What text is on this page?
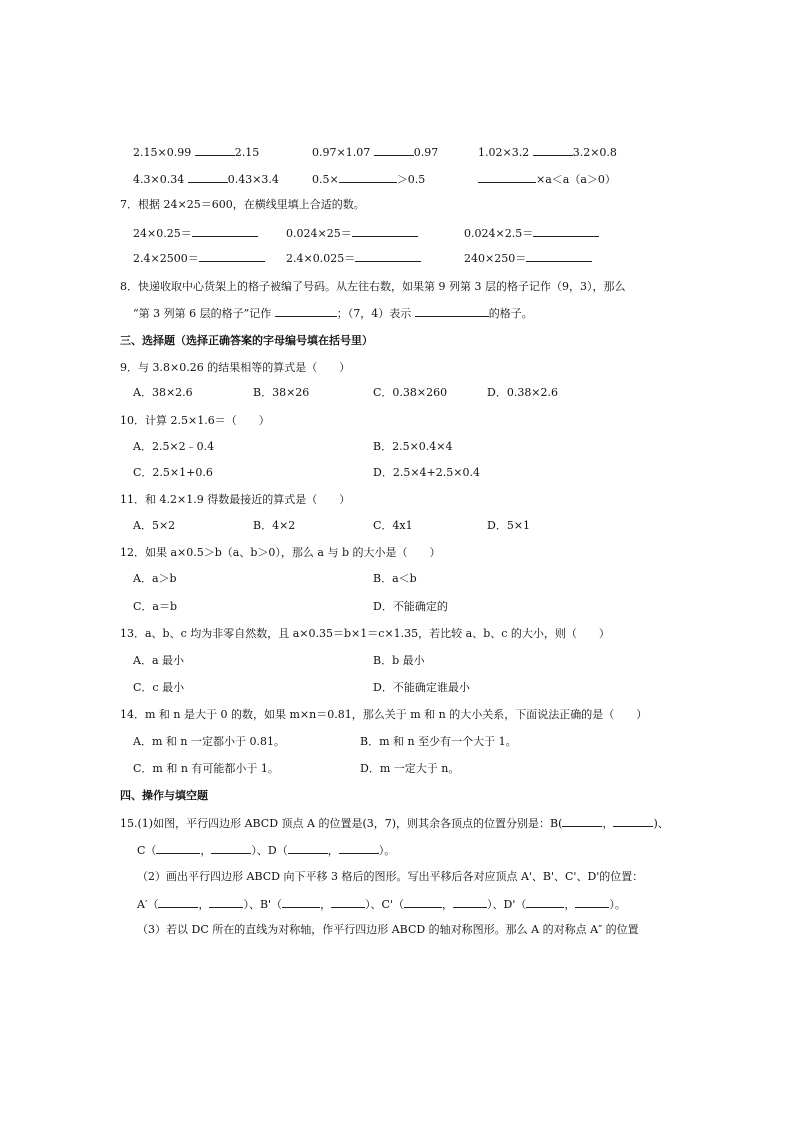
2.15×0.99	2.15	0.97×1.07	0.97	1.02×3.2	3.2×0.8
4.3×0.34	0.43×3.4	0.5×	＞0.5	×a＜a（a＞0）
7．根据 24×25＝600，在横线里填上合适的数。
24×0.25＝	0.024×25＝	0.024×2.5＝
2.4×2500＝	2.4×0.025＝	240×250＝
8．快递收取中心货架上的格子被编了号码。从左往右数，如果第 9 列第 3 层的格子记作（9，3），那么
“第 3 列第 6 层的格子”记作	；（7，4）表示	的格子。
三、选择题（选择正确答案的字母编号填在括号里）
9．与 3.8×0.26 的结果相等的算式是（　　）
A．38×2.6	B．38×26	C．0.38×260	D．0.38×2.6
10．计算 2.5×1.6＝（　　）
A．2.5×2﹣0.4	B．2.5×0.4×4
C．2.5×1+0.6	D．2.5×4+2.5×0.4
11．和 4.2×1.9 得数最接近的算式是（　　）
A．5×2	B．4×2	C．4x1	D．5×1
12．如果 a×0.5＞b（a、b＞0），那么 a 与 b 的大小是（　　）
A．a＞b	B．a＜b
C．a＝b	D．不能确定的
13．a、b、c 均为非零自然数，且 a×0.35＝b×1＝c×1.35，若比较 a、b、c 的大小，则（　　）
A．a 最小	B．b 最小
C．c 最小	D．不能确定谁最小
14．m 和 n 是大于 0 的数，如果 m×n＝0.81，那么关于 m 和 n 的大小关系，下面说法正确的是（　　）
A．m 和 n 一定都小于 0.81。	B．m 和 n 至少有一个大于 1。
C．m 和 n 有可能都小于 1。	D．m 一定大于 n。
四、操作与填空题
15.(1)如图，平行四边形 ABCD 顶点 A 的位置是(3，7)，则其余各顶点的位置分别是：B(	，	)、
C（	，	）、D（	，	）。
（2）画出平行四边形 ABCD 向下平移 3 格后的图形。写出平移后各对应顶点 A'、B'、C'、D'的位置：
A′（	，	）、B'（	，	）、C'（	，	）、D'（	，	）。
（3）若以 DC 所在的直线为对称轴，作平行四边形 ABCD 的轴对称图形。那么 A 的对称点 A″ 的位置
